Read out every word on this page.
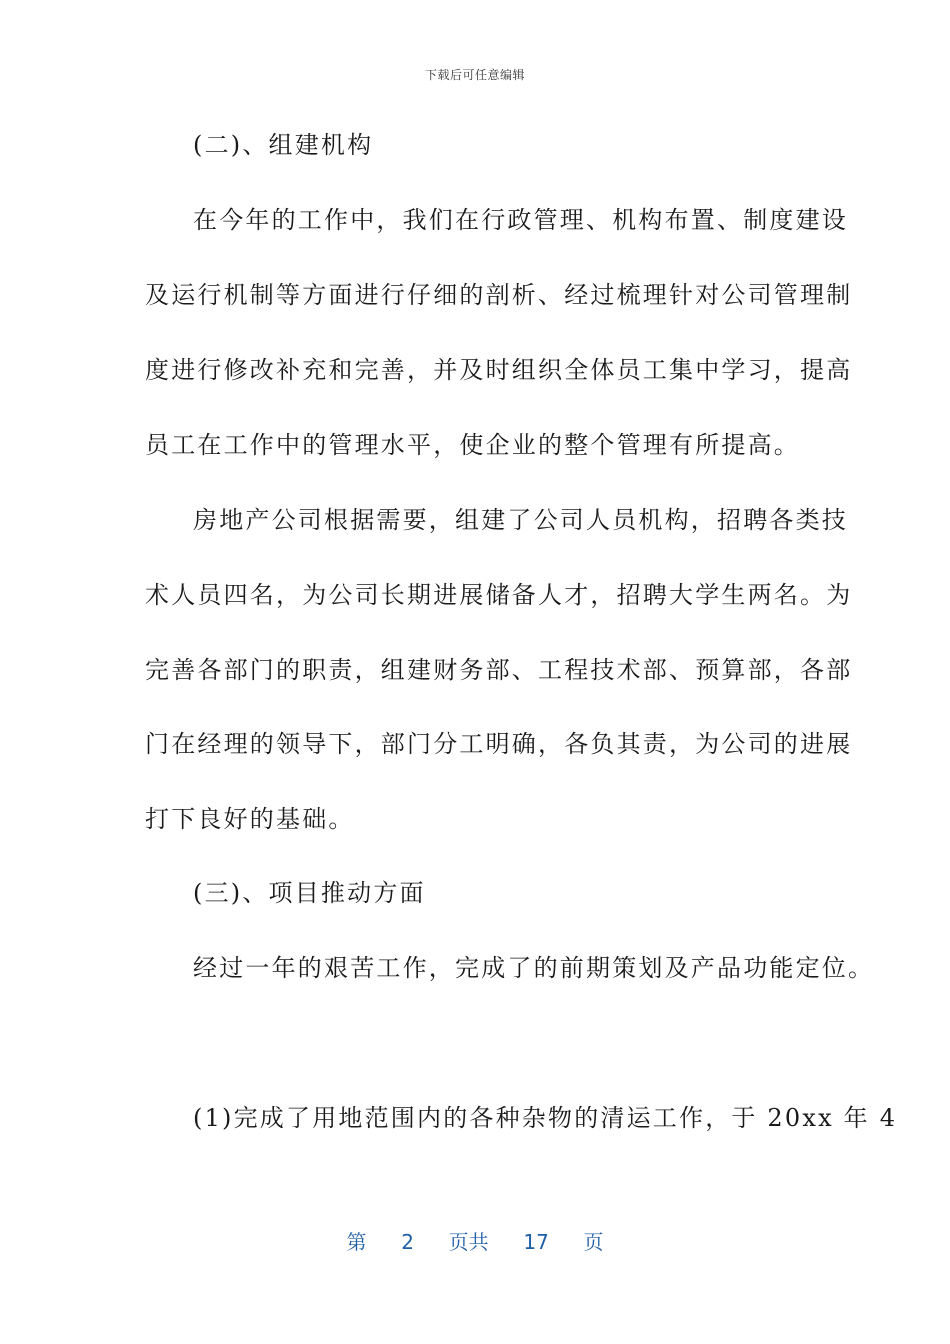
下载后可任意编辑
(二)、组建机构
在今年的工作中，我们在行政管理、机构布置、制度建设
及运行机制等方面进行仔细的剖析、经过梳理针对公司管理制
度进行修改补充和完善，并及时组织全体员工集中学习，提高
员工在工作中的管理水平，使企业的整个管理有所提高。
房地产公司根据需要，组建了公司人员机构，招聘各类技
术人员四名，为公司长期进展储备人才，招聘大学生两名。为
完善各部门的职责，组建财务部、工程技术部、预算部，各部
门在经理的领导下，部门分工明确，各负其责，为公司的进展
打下良好的基础。
(三)、项目推动方面
经过一年的艰苦工作，完成了的前期策划及产品功能定位。
(1)完成了用地范围内的各种杂物的清运工作，于 20xx 年 4
第 2 页共 17 页
